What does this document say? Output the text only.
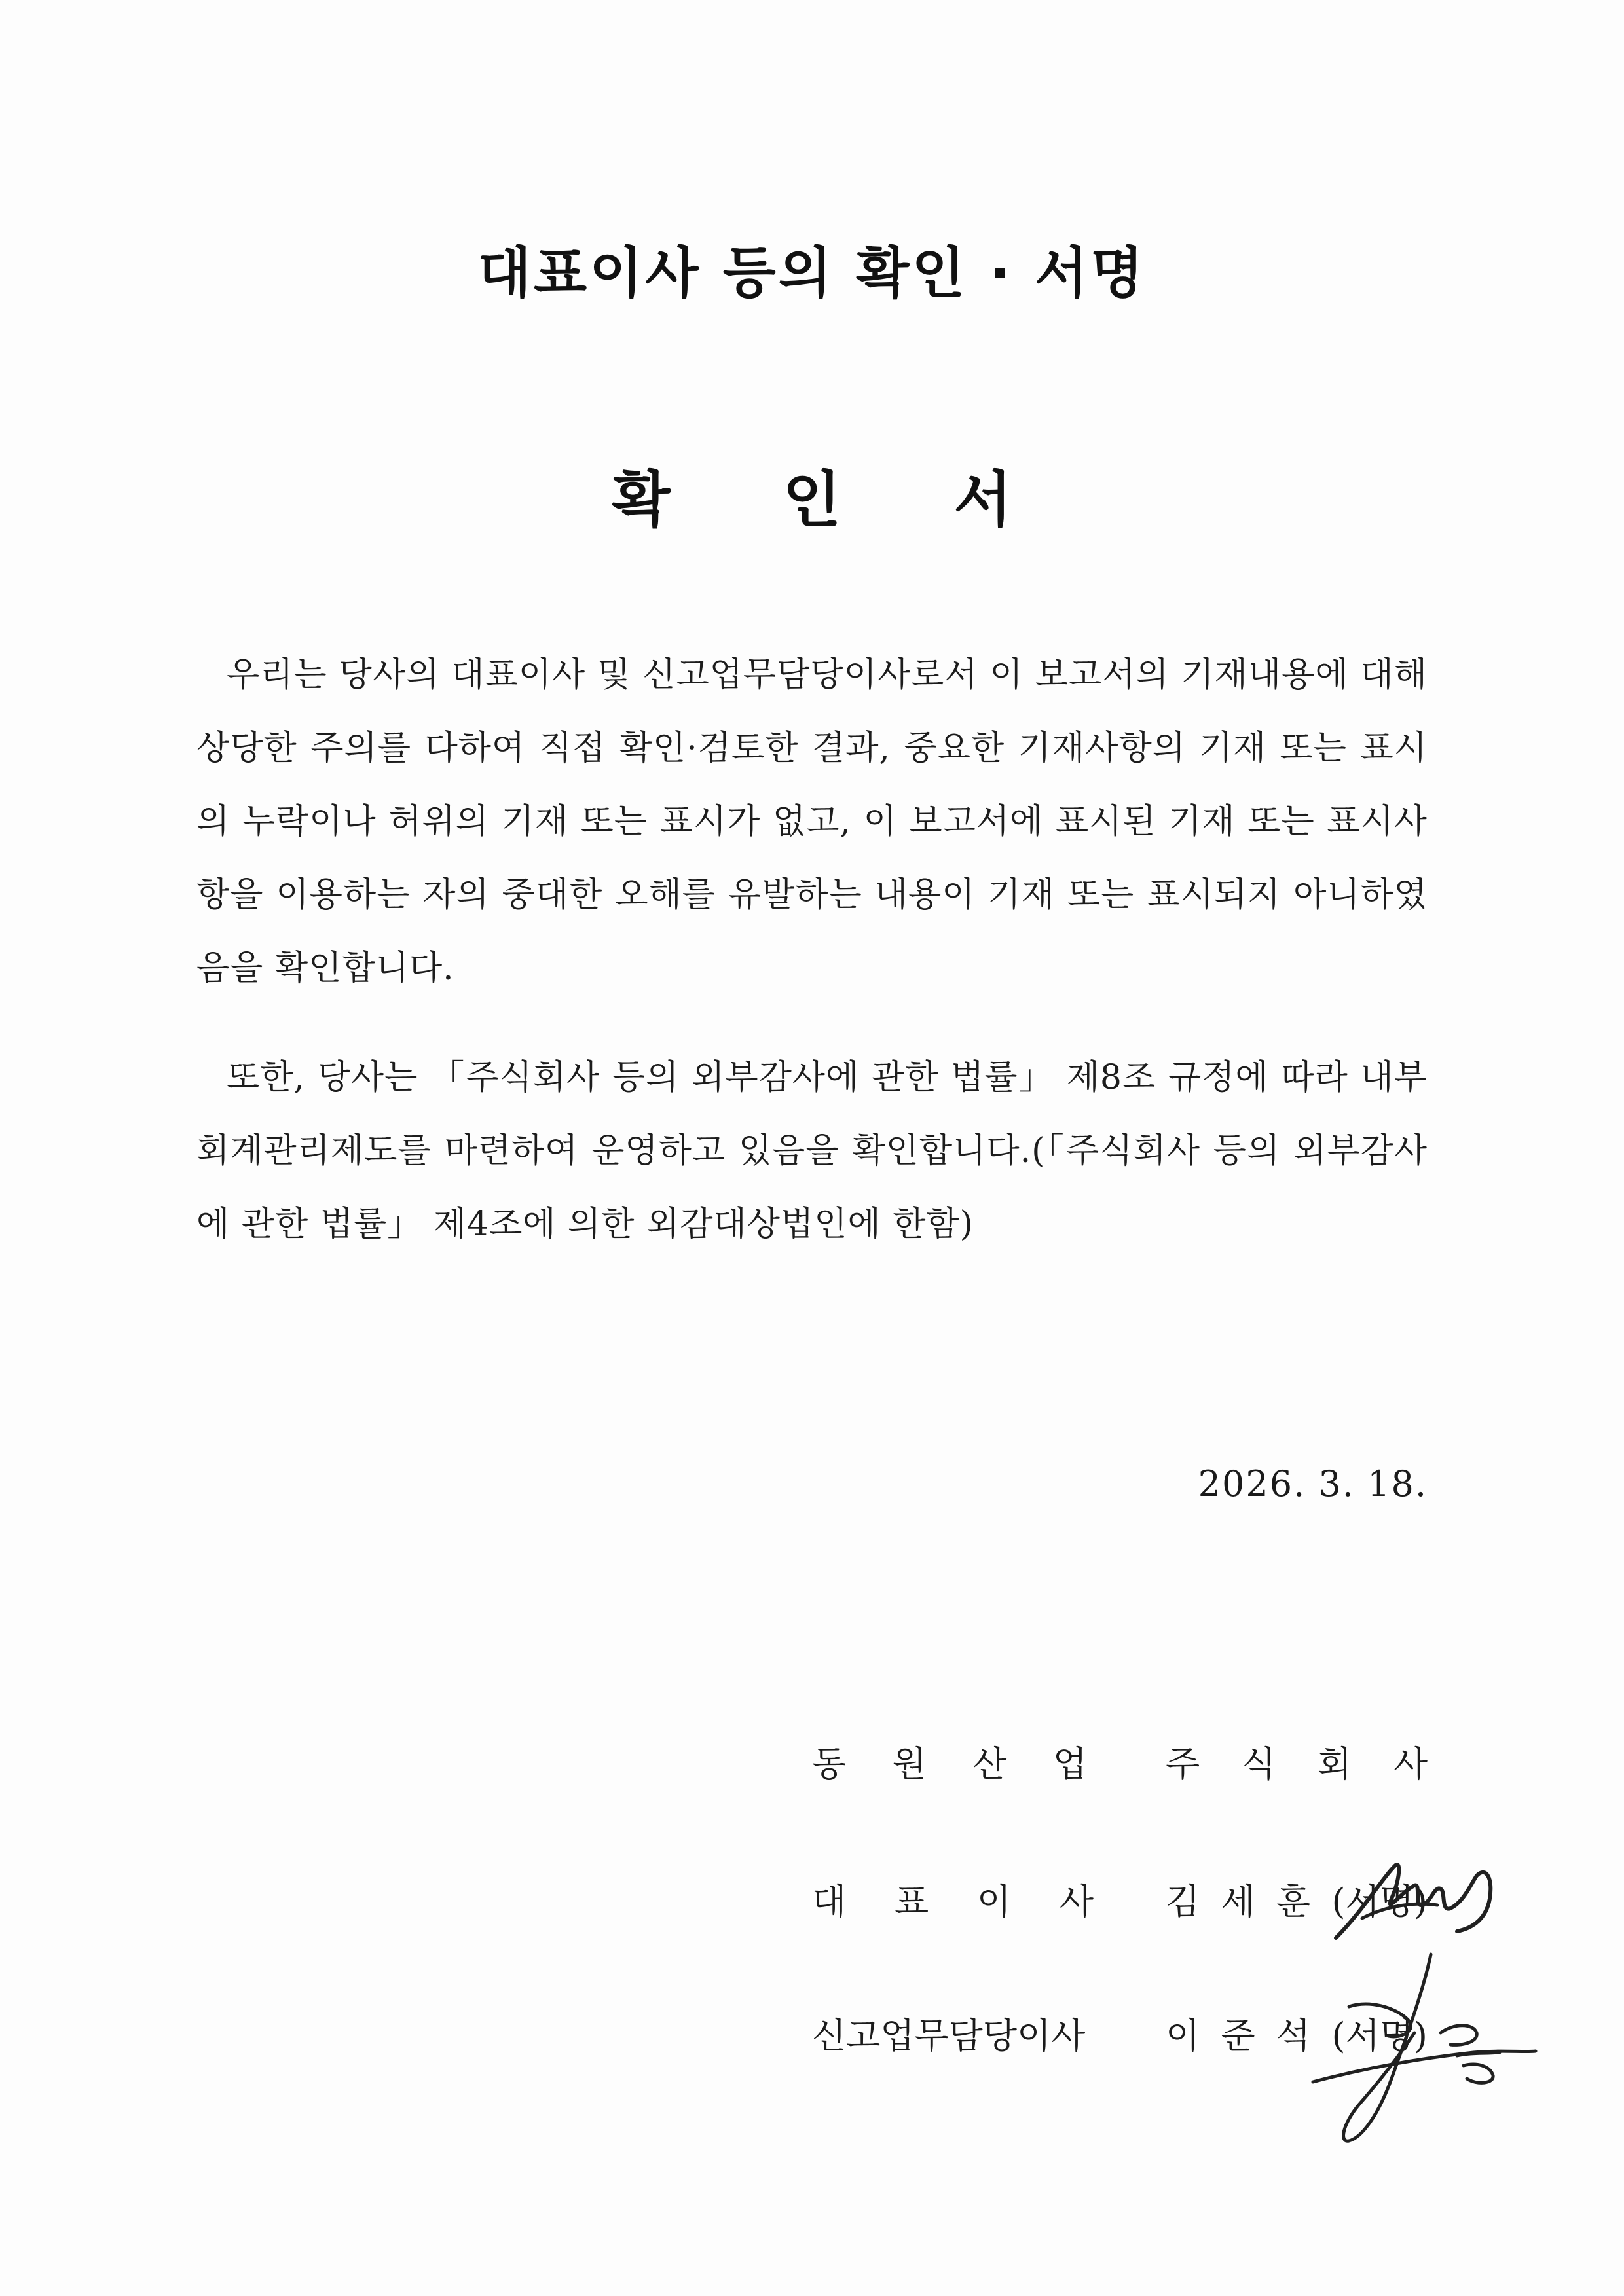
대표이사 등의 확인 · 서명
확 인 서
우리는 당사의 대표이사 및 신고업무담당이사로서 이 보고서의 기재내용에 대해 상당한 주의를 다하여 직접 확인·검토한 결과, 중요한 기재사항의 기재 또는 표시의 누락이나 허위의 기재 또는 표시가 없고, 이 보고서에 표시된 기재 또는 표시사항을 이용하는 자의 중대한 오해를 유발하는 내용이 기재 또는 표시되지 아니하였음을 확인합니다.
또한, 당사는 「주식회사 등의 외부감사에 관한 법률」 제8조 규정에 따라 내부회계관리제도를 마련하여 운영하고 있음을 확인합니다.(「주식회사 등의 외부감사에 관한 법률」 제4조에 의한 외감대상법인에 한함)
2026. 3. 18.
동 원 산 업 주 식 회 사
대 표 이 사 김 세 훈 (서명)
신고업무담당이사 이 준 석 (서명)
